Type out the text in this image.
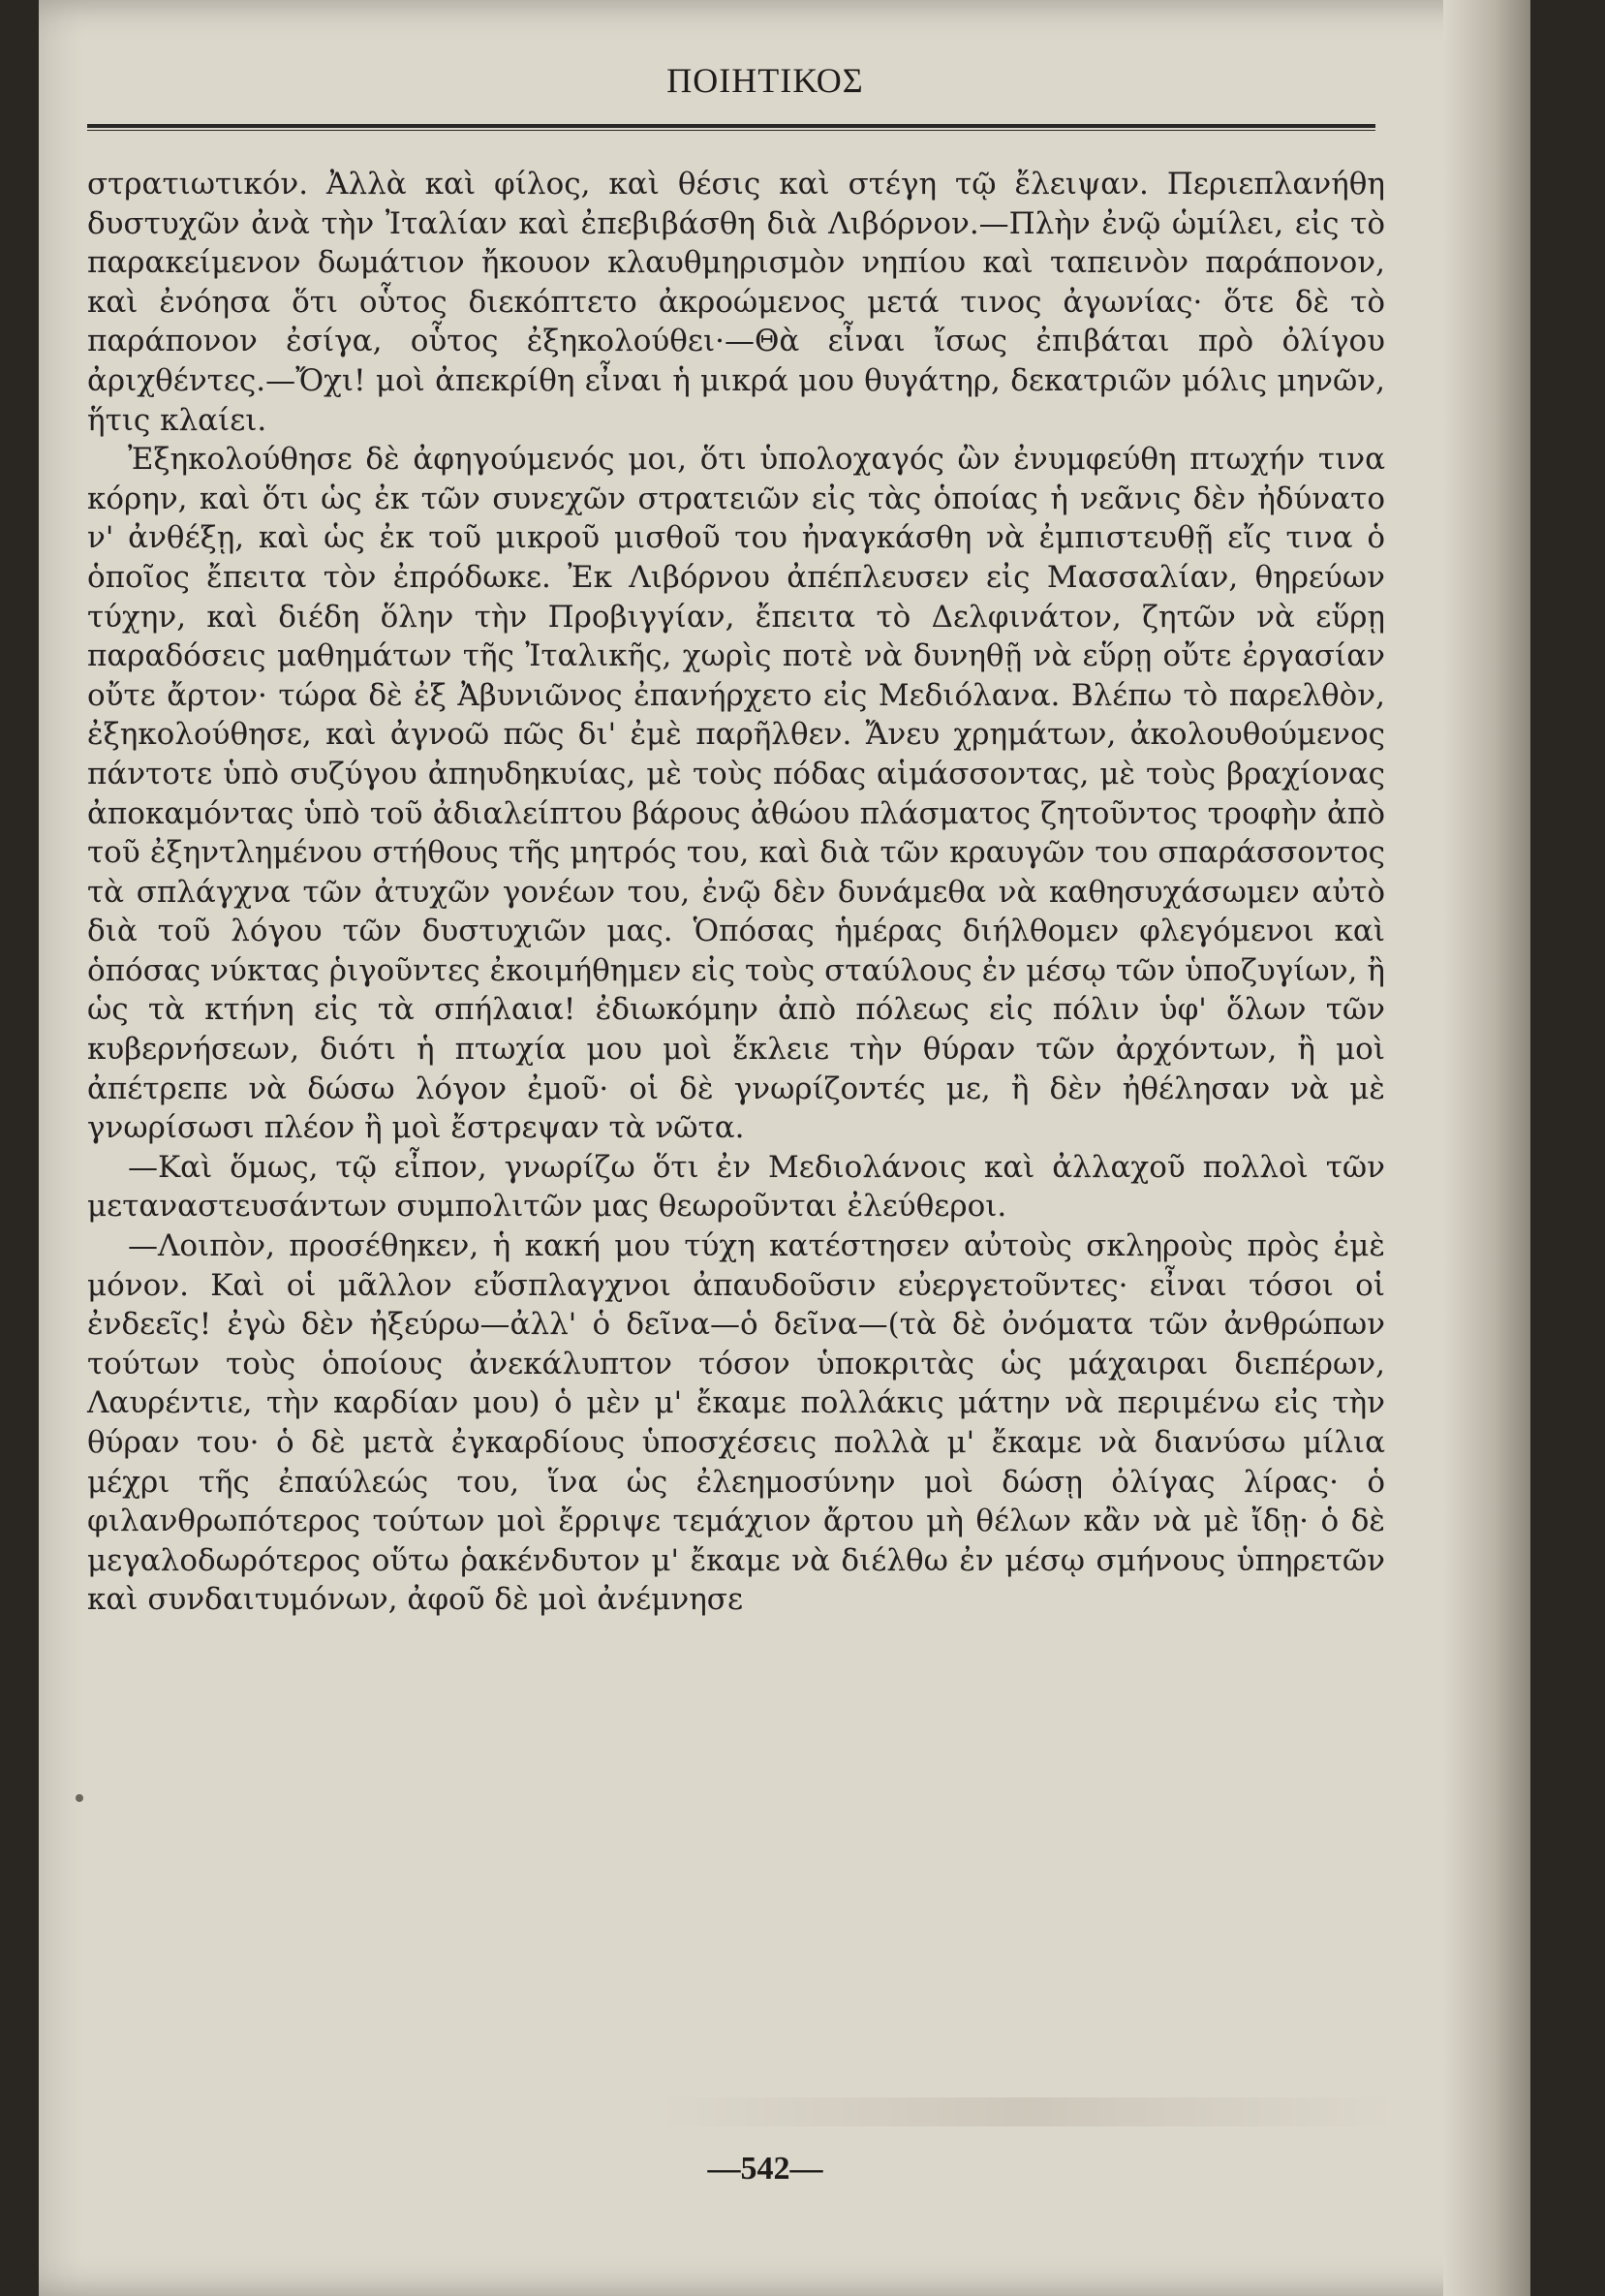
ΠΟΙΗΤΙΚΟΣ

στρατιωτικόν. Ἀλλὰ καὶ φίλος, καὶ θέσις καὶ στέγη τῷ ἔλειψαν. Περιεπλανήθη δυστυχῶν ἀνὰ τὴν Ἰταλίαν καὶ ἐπεβιβάσθη διὰ Λιβόρνον.—Πλὴν ἐνῷ ὡμίλει, εἰς τὸ παρακείμενον δωμάτιον ἤκουον κλαυθμηρισμὸν νηπίου καὶ ταπεινὸν παράπονον, καὶ ἐνόησα ὅτι οὗτος διεκόπτετο ἀκροώμενος μετά τινος ἀγωνίας· ὅτε δὲ τὸ παράπονον ἐσίγα, οὗτος ἐξηκολούθει·—Θὰ εἶναι ἴσως ἐπιβάται πρὸ ὀλίγου ἀριχθέντες.—Ὄχι! μοὶ ἀπεκρίθη εἶναι ἡ μικρά μου θυγάτηρ, δεκατριῶν μόλις μηνῶν, ἥτις κλαίει.

Ἐξηκολούθησε δὲ ἀφηγούμενός μοι, ὅτι ὑπολοχαγός ὢν ἐνυμφεύθη πτωχήν τινα κόρην, καὶ ὅτι ὡς ἐκ τῶν συνεχῶν στρατειῶν εἰς τὰς ὁποίας ἡ νεᾶνις δὲν ἠδύνατο ν' ἀνθέξῃ, καὶ ὡς ἐκ τοῦ μικροῦ μισθοῦ του ἠναγκάσθη νὰ ἐμπιστευθῇ εἴς τινα ὁ ὁποῖος ἔπειτα τὸν ἐπρόδωκε. Ἐκ Λιβόρνου ἀπέπλευσεν εἰς Μασσαλίαν, θηρεύων τύχην, καὶ διέδη ὅλην τὴν Προβιγγίαν, ἔπειτα τὸ Δελφινάτον, ζητῶν νὰ εὕρῃ παραδόσεις μαθημάτων τῆς Ἰταλικῆς, χωρὶς ποτὲ νὰ δυνηθῇ νὰ εὕρῃ οὔτε ἐργασίαν οὔτε ἄρτον· τώρα δὲ ἐξ Ἀβυνιῶνος ἐπανήρχετο εἰς Μεδιόλανα. Βλέπω τὸ παρελθὸν, ἐξηκολούθησε, καὶ ἀγνοῶ πῶς δι' ἐμὲ παρῆλθεν. Ἄνευ χρημάτων, ἀκολουθούμενος πάντοτε ὑπὸ συζύγου ἀπηυδηκυίας, μὲ τοὺς πόδας αἱμάσσοντας, μὲ τοὺς βραχίονας ἀποκαμόντας ὑπὸ τοῦ ἀδιαλείπτου βάρους ἀθώου πλάσματος ζητοῦντος τροφὴν ἀπὸ τοῦ ἐξηντλημένου στήθους τῆς μητρός του, καὶ διὰ τῶν κραυγῶν του σπαράσσοντος τὰ σπλάγχνα τῶν ἀτυχῶν γονέων του, ἐνῷ δὲν δυνάμεθα νὰ καθησυχάσωμεν αὐτὸ διὰ τοῦ λόγου τῶν δυστυχιῶν μας. Ὁπόσας ἡμέρας διήλθομεν φλεγόμενοι καὶ ὁπόσας νύκτας ῥιγοῦντες ἐκοιμήθημεν εἰς τοὺς σταύλους ἐν μέσῳ τῶν ὑποζυγίων, ἢ ὡς τὰ κτήνη εἰς τὰ σπήλαια! ἐδιωκόμην ἀπὸ πόλεως εἰς πόλιν ὑφ' ὅλων τῶν κυβερνήσεων, διότι ἡ πτωχία μου μοὶ ἔκλειε τὴν θύραν τῶν ἀρχόντων, ἢ μοὶ ἀπέτρεπε νὰ δώσω λόγον ἐμοῦ· οἱ δὲ γνωρίζοντές με, ἢ δὲν ἠθέλησαν νὰ μὲ γνωρίσωσι πλέον ἢ μοὶ ἔστρεψαν τὰ νῶτα.

—Καὶ ὅμως, τῷ εἶπον, γνωρίζω ὅτι ἐν Μεδιολάνοις καὶ ἀλλαχοῦ πολλοὶ τῶν μεταναστευσάντων συμπολιτῶν μας θεωροῦνται ἐλεύθεροι.

—Λοιπὸν, προσέθηκεν, ἡ κακή μου τύχη κατέστησεν αὐτοὺς σκληροὺς πρὸς ἐμὲ μόνον. Καὶ οἱ μᾶλλον εὔσπλαγχνοι ἀπαυδοῦσιν εὐεργετοῦντες· εἶναι τόσοι οἱ ἐνδεεῖς! ἐγὼ δὲν ἠξεύρω—ἀλλ' ὁ δεῖνα—ὁ δεῖνα—(τὰ δὲ ὀνόματα τῶν ἀνθρώπων τούτων τοὺς ὁποίους ἀνεκάλυπτον τόσον ὑποκριτὰς ὡς μάχαιραι διεπέρων, Λαυρέντιε, τὴν καρδίαν μου) ὁ μὲν μ' ἔκαμε πολλάκις μάτην νὰ περιμένω εἰς τὴν θύραν του· ὁ δὲ μετὰ ἐγκαρδίους ὑποσχέσεις πολλὰ μ' ἔκαμε νὰ διανύσω μίλια μέχρι τῆς ἐπαύλεώς του, ἵνα ὡς ἐλεημοσύνην μοὶ δώσῃ ὀλίγας λίρας· ὁ φιλανθρωπότερος τούτων μοὶ ἔρριψε τεμάχιον ἄρτου μὴ θέλων κἂν νὰ μὲ ἴδῃ· ὁ δὲ μεγαλοδωρότερος οὕτω ῥακένδυτον μ' ἔκαμε νὰ διέλθω ἐν μέσῳ σμήνους ὑπηρετῶν καὶ συνδαιτυμόνων, ἀφοῦ δὲ μοὶ ἀνέμνησε

—542—
